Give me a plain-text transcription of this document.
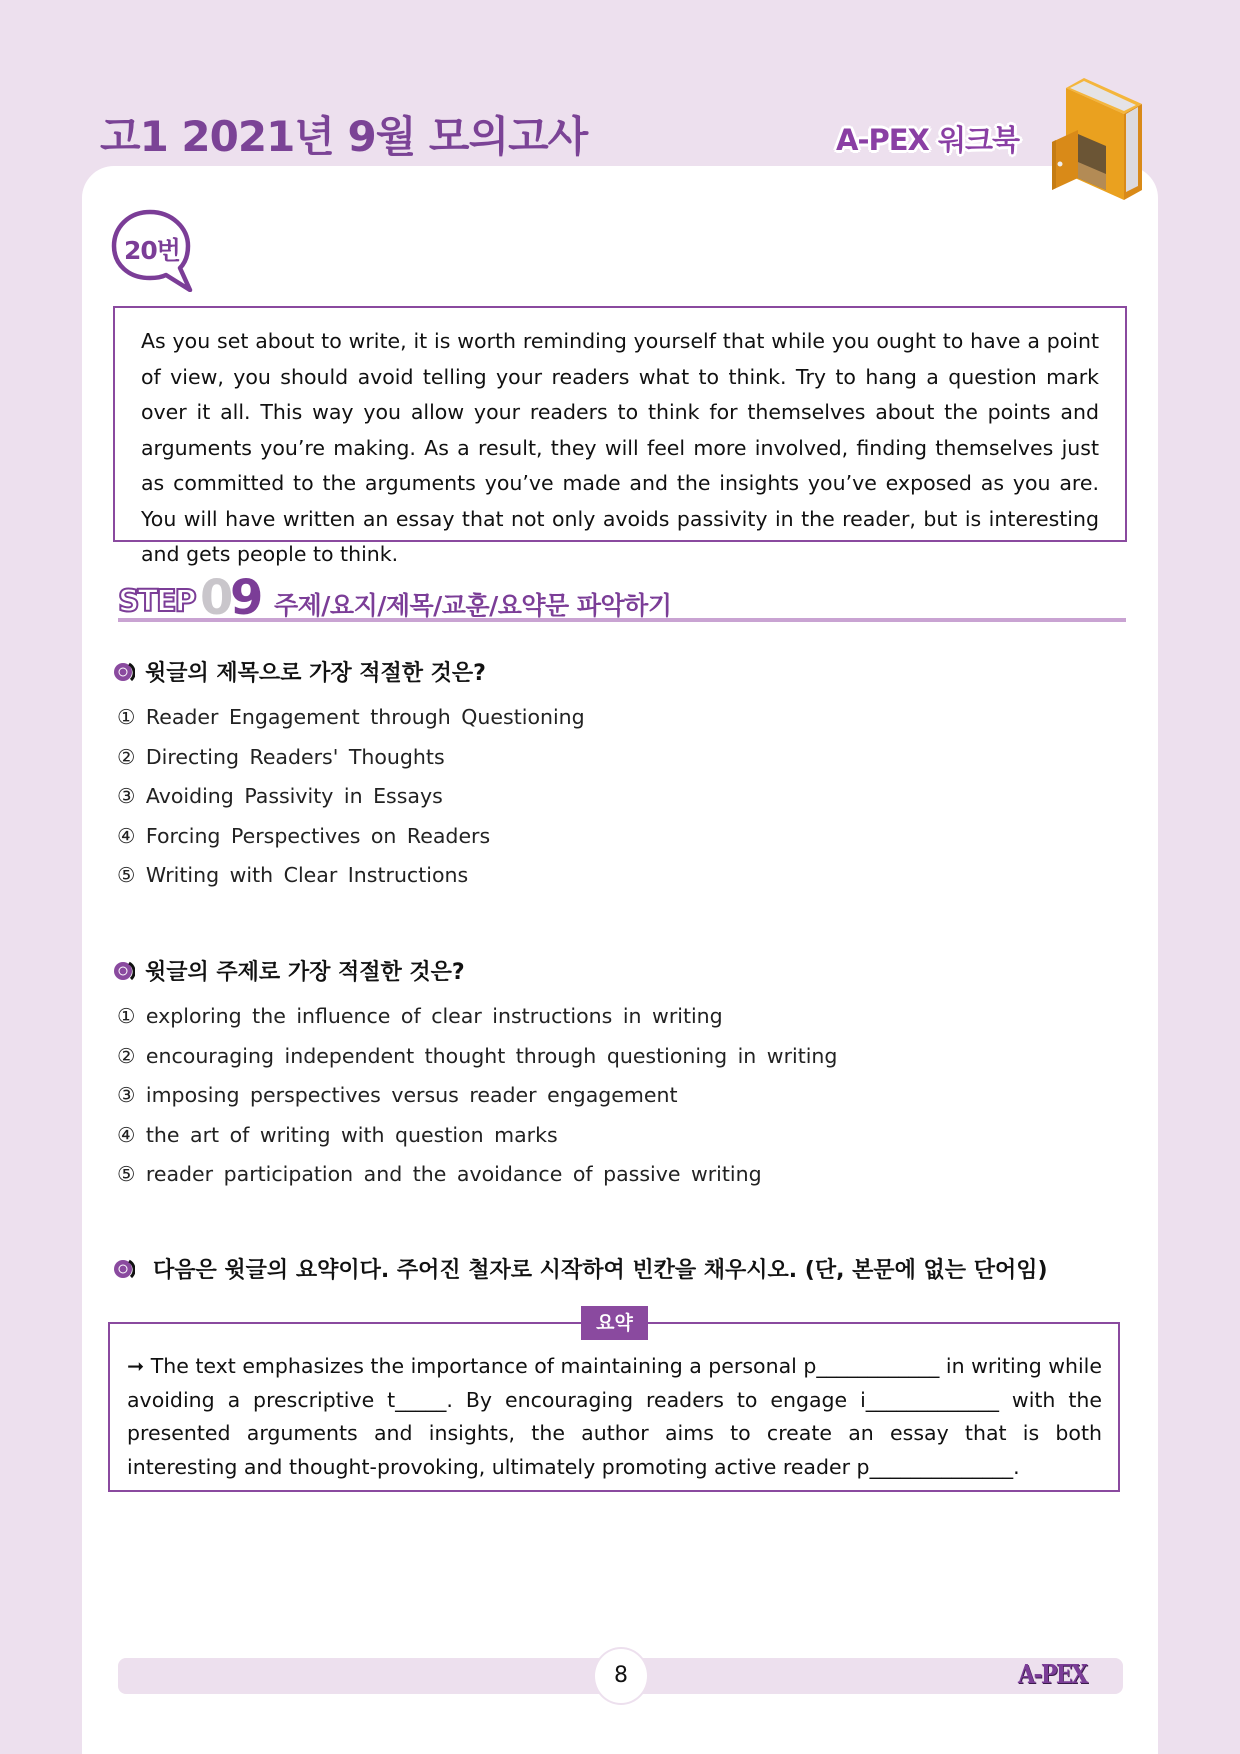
고1 2021년 9월 모의고사	A-PEX 워크북
20번

As you set about to write, it is worth reminding yourself that while you ought to have a point of view, you should avoid telling your readers what to think. Try to hang a question mark over it all. This way you allow your readers to think for themselves about the points and arguments you’re making. As a result, they will feel more involved, finding themselves just as committed to the arguments you’ve made and the insights you’ve exposed as you are. You will have written an essay that not only avoids passivity in the reader, but is interesting and gets people to think.

STEP 0
9 주제/요지/제목/교훈/요약문 파악하기
윗글의 제목으로 가장 적절한 것은?
① Reader Engagement through Questioning
② Directing Readers' Thoughts
③ Avoiding Passivity in Essays
④ Forcing Perspectives on Readers
⑤ Writing with Clear Instructions
윗글의 주제로 가장 적절한 것은?
① exploring the influence of clear instructions in writing
② encouraging independent thought through questioning in writing
③ imposing perspectives versus reader engagement
④ the art of writing with question marks
⑤ reader participation and the avoidance of passive writing
다음은 윗글의 요약이다. 주어진 철자로 시작하여 빈칸을 채우시오. (단, 본문에 없는 단어임)

➞ The text emphasizes the importance of maintaining a personal p____________ in writing while avoiding a prescriptive t_____. By encouraging readers to engage i_____________ with the presented arguments and insights, the author aims to create an essay that is both

interesting and thought-provoking, ultimately promoting active reader p______________.

요약
8	A-PEX
